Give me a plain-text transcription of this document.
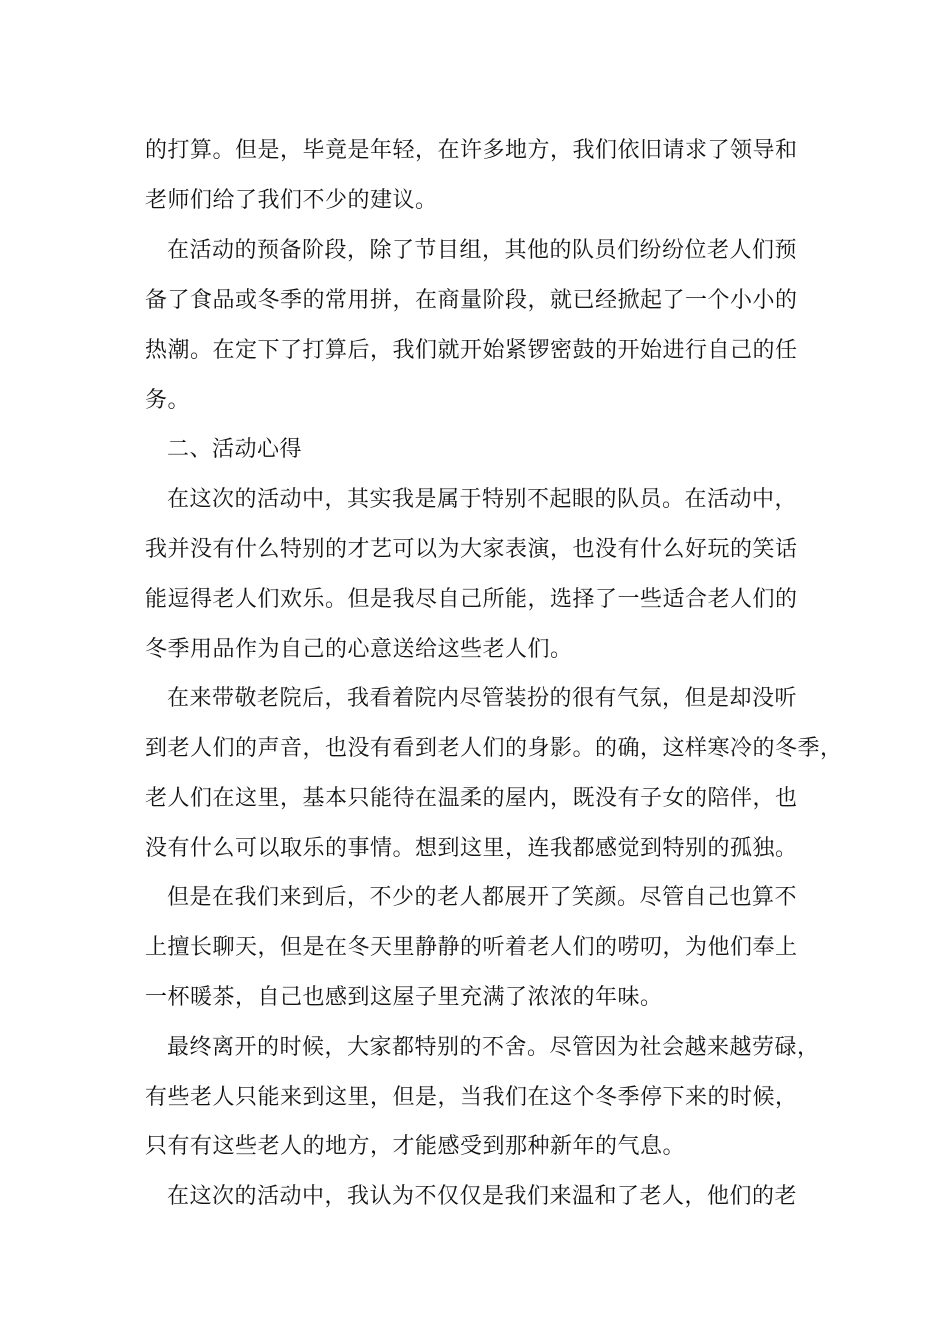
的打算。但是，毕竟是年轻，在许多地方，我们依旧请求了领导和
老师们给了我们不少的建议。
在活动的预备阶段，除了节目组，其他的队员们纷纷位老人们预
备了食品或冬季的常用拼，在商量阶段，就已经掀起了一个小小的
热潮。在定下了打算后，我们就开始紧锣密鼓的开始进行自己的任
务。
二、活动心得
在这次的活动中，其实我是属于特别不起眼的队员。在活动中，
我并没有什么特别的才艺可以为大家表演，也没有什么好玩的笑话
能逗得老人们欢乐。但是我尽自己所能，选择了一些适合老人们的
冬季用品作为自己的心意送给这些老人们。
在来带敬老院后，我看着院内尽管装扮的很有气氛，但是却没听
到老人们的声音，也没有看到老人们的身影。的确，这样寒冷的冬季，
老人们在这里，基本只能待在温柔的屋内，既没有子女的陪伴，也
没有什么可以取乐的事情。想到这里，连我都感觉到特别的孤独。
但是在我们来到后，不少的老人都展开了笑颜。尽管自己也算不
上擅长聊天，但是在冬天里静静的听着老人们的唠叨，为他们奉上
一杯暖茶，自己也感到这屋子里充满了浓浓的年味。
最终离开的时候，大家都特别的不舍。尽管因为社会越来越劳碌，
有些老人只能来到这里，但是，当我们在这个冬季停下来的时候，
只有有这些老人的地方，才能感受到那种新年的气息。
在这次的活动中，我认为不仅仅是我们来温和了老人，他们的老
